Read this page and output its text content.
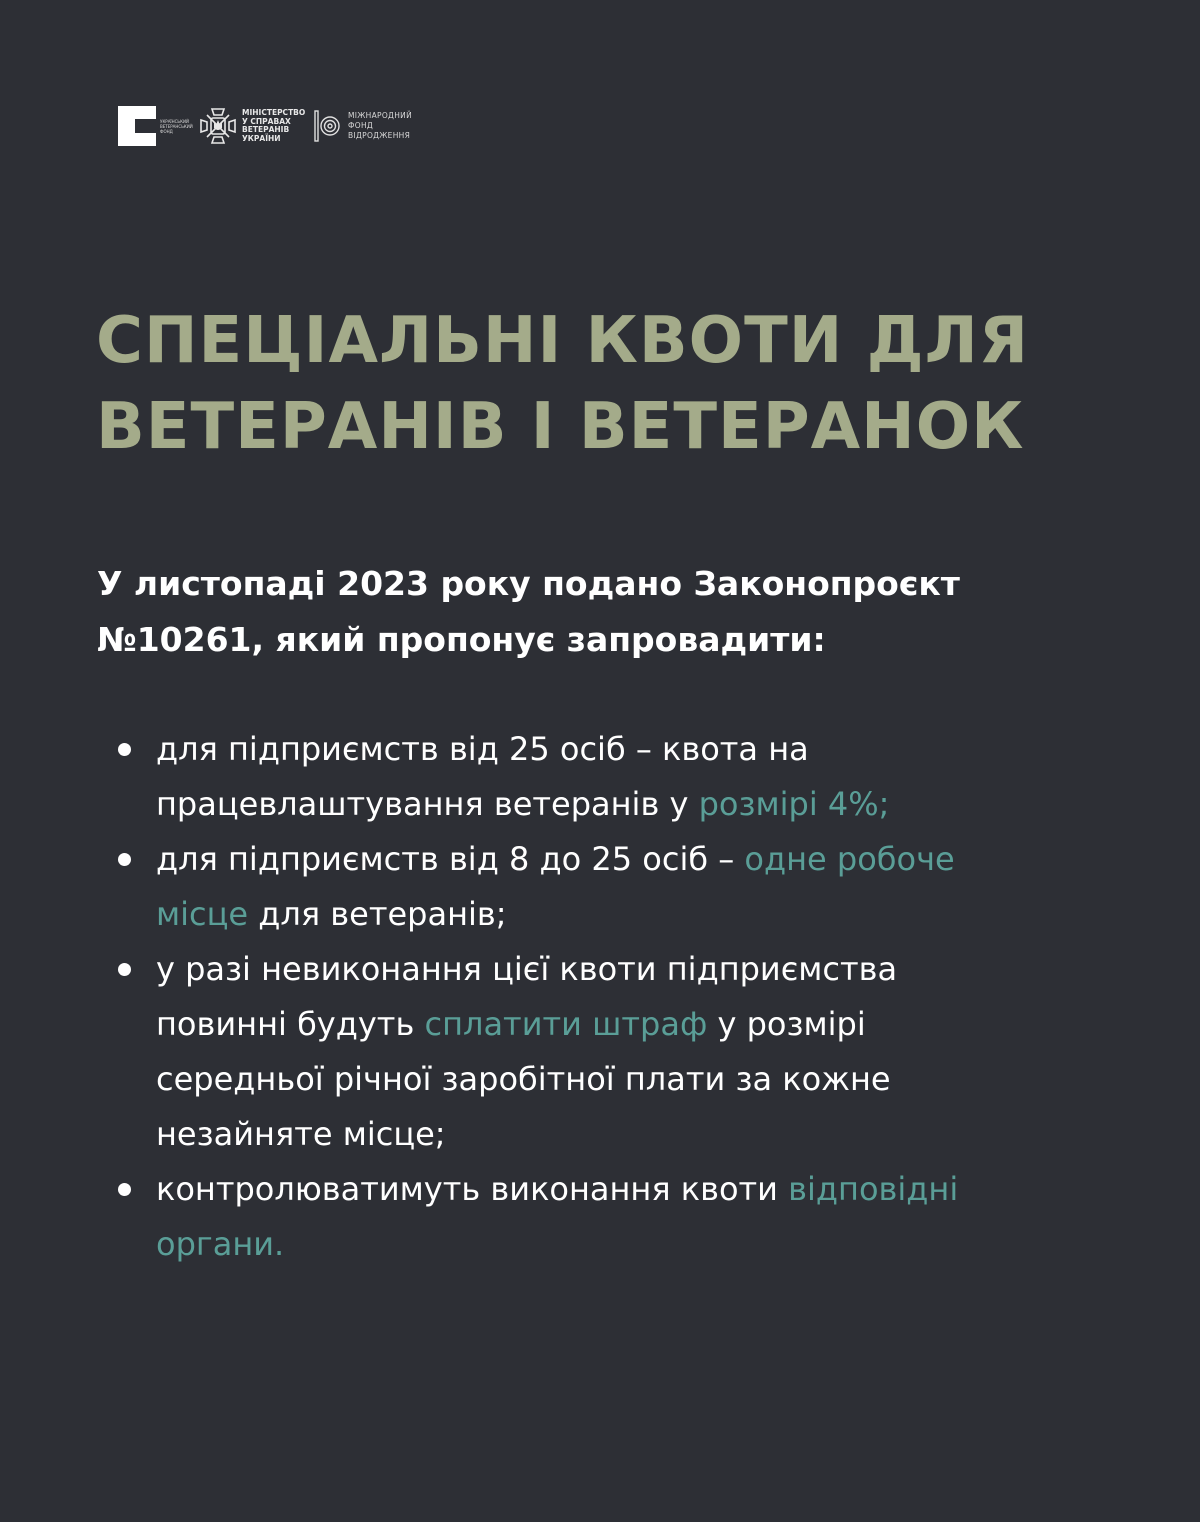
УКРАЇНСЬКИЙ ВЕТЕРАНСЬКИЙ ФОНД
МІНІСТЕРСТВО
У СПРАВАХ
ВЕТЕРАНІВ
УКРАЇНИ
МІЖНАРОДНИЙ
ФОНД
ВІДРОДЖЕННЯ
СПЕЦІАЛЬНІ КВОТИ ДЛЯ
ВЕТЕРАНІВ І ВЕТЕРАНОК

У листопаді 2023 року подано Законопроєкт
№10261, який пропонує запровадити:

для підприємств від 25 осіб – квота на
працевлаштування ветеранів у розмірі 4%;
для підприємств від 8 до 25 осіб – одне робоче
місце для ветеранів;
у разі невиконання цієї квоти підприємства
повинні будуть сплатити штраф у розмірі
середньої річної заробітної плати за кожне
незайняте місце;
контролюватимуть виконання квоти відповідні
органи.
